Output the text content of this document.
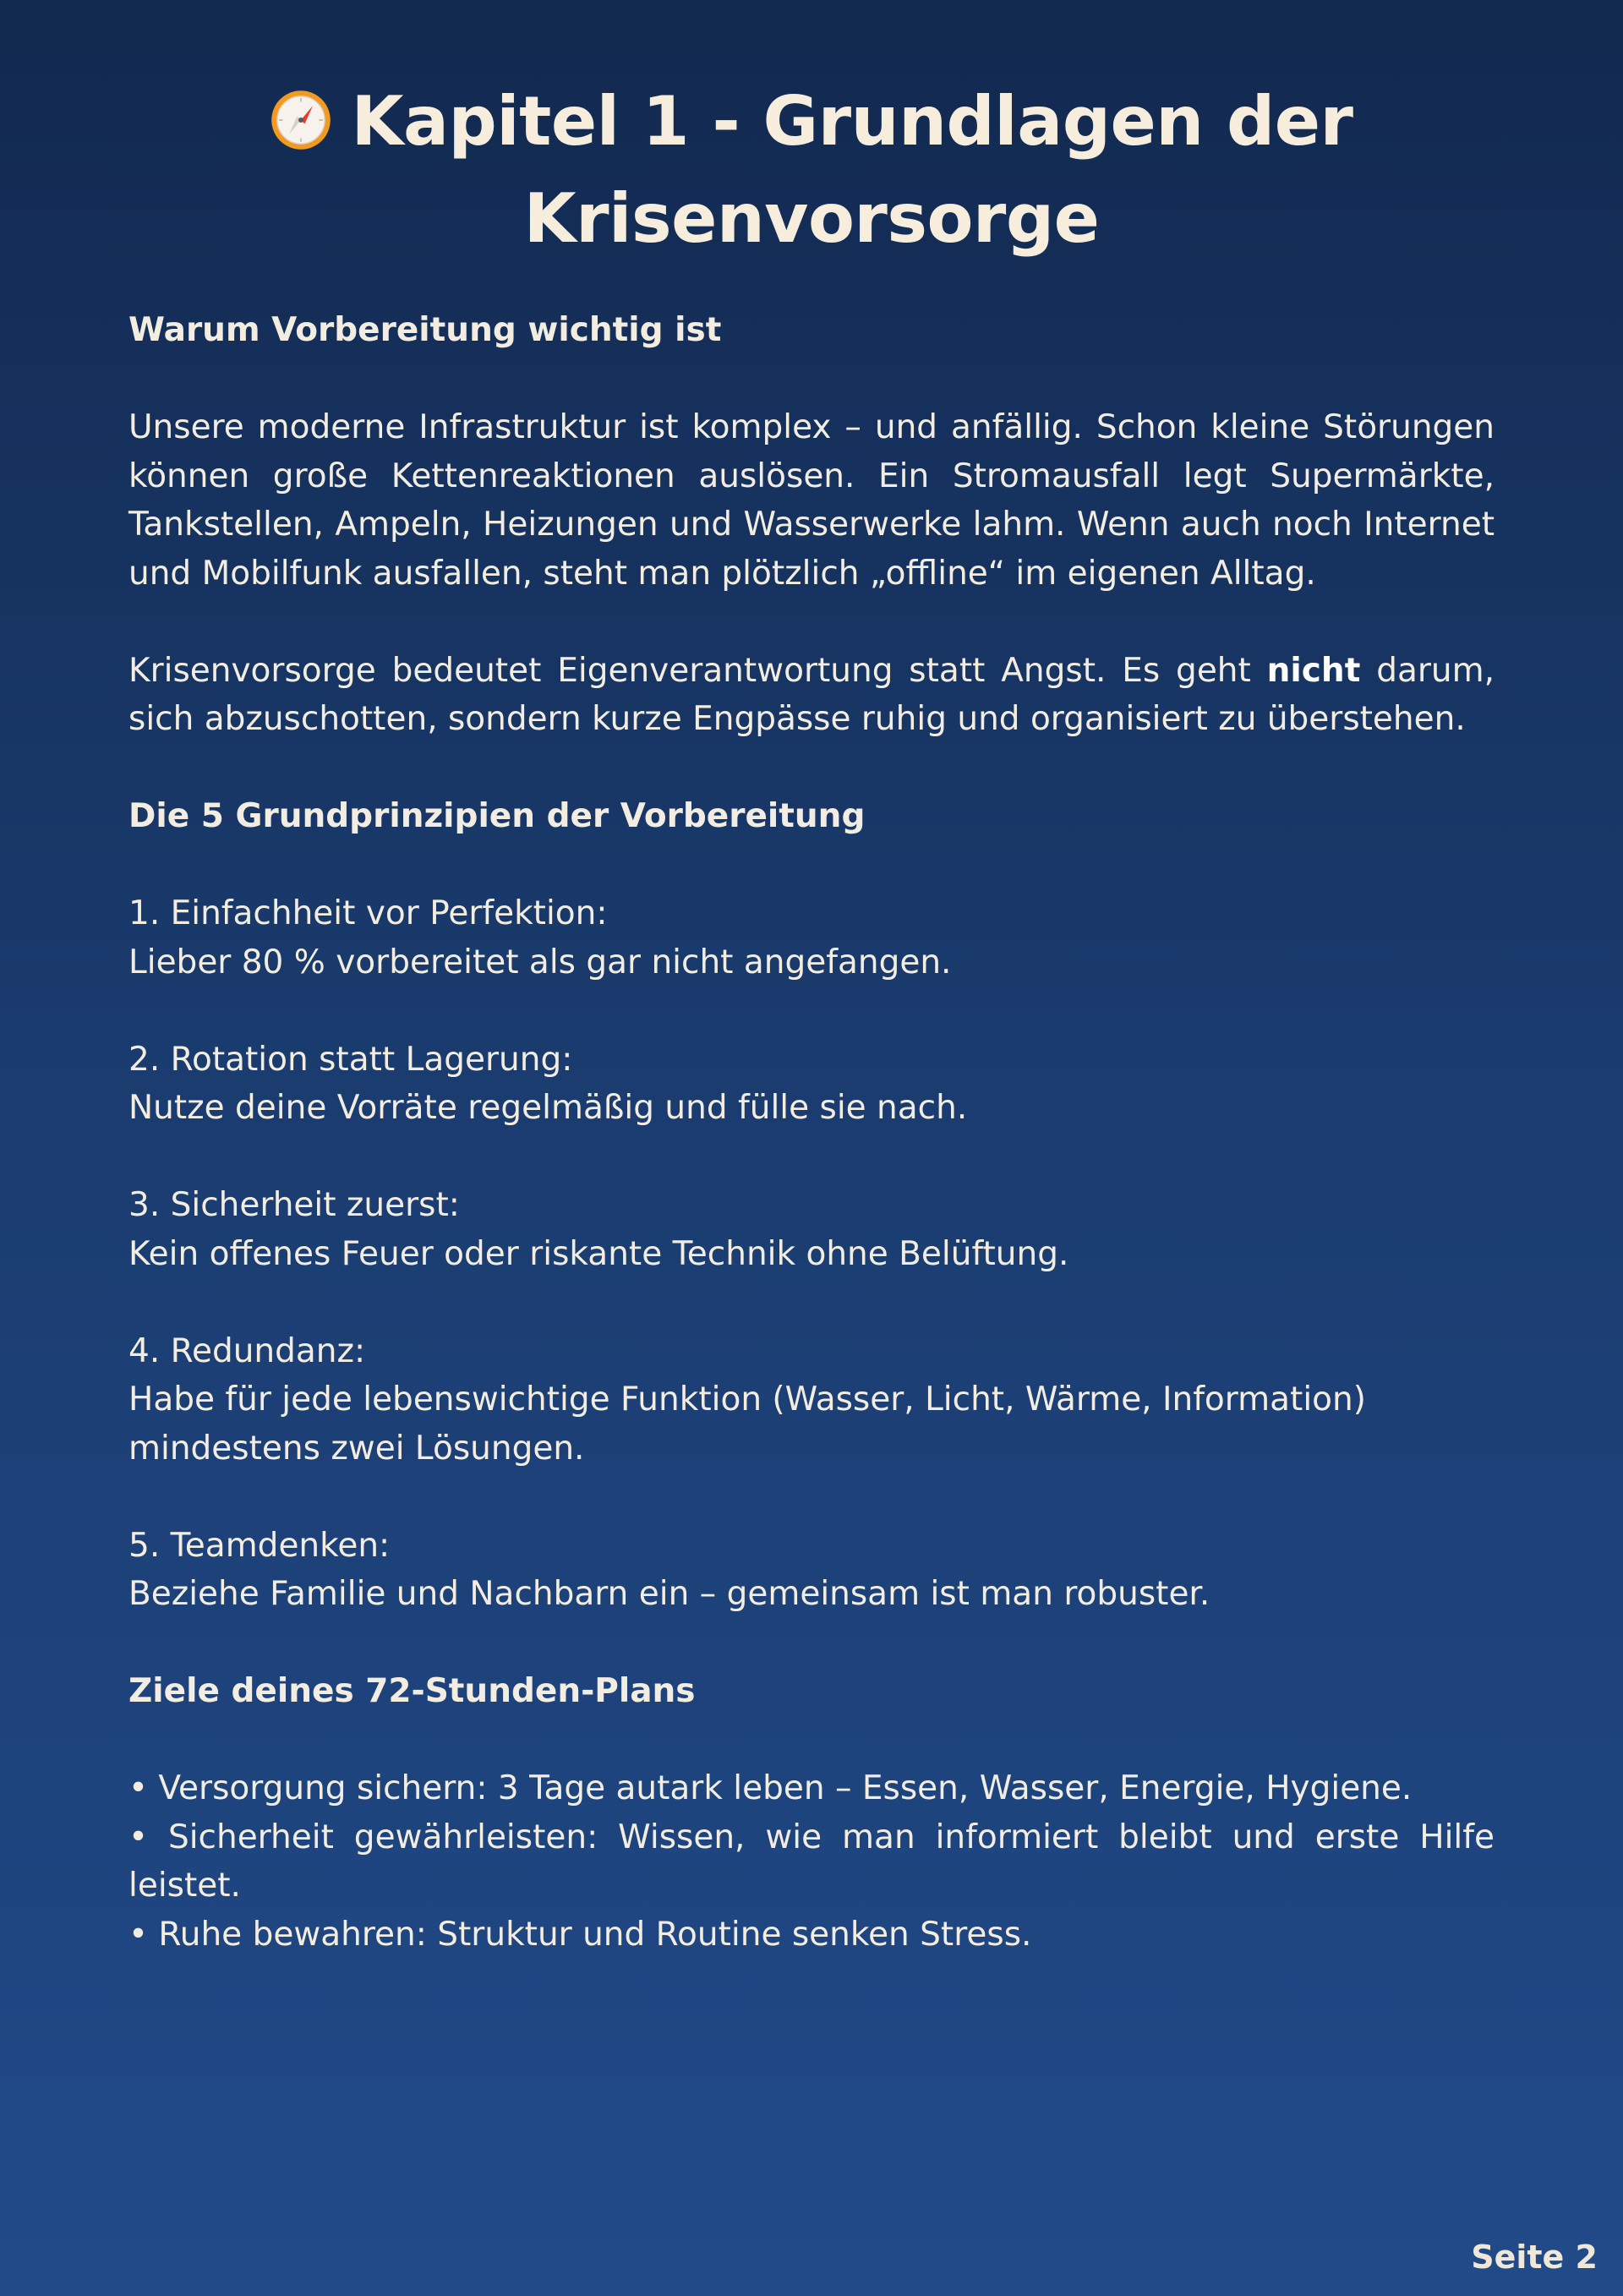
Kapitel 1 - Grundlagen der
Krisenvorsorge

Warum Vorbereitung wichtig ist

Unsere moderne Infrastruktur ist komplex – und anfällig. Schon kleine Störungen können große Kettenreaktionen auslösen. Ein Stromausfall legt Supermärkte, Tankstellen, Ampeln, Heizungen und Wasserwerke lahm. Wenn auch noch Internet und Mobilfunk ausfallen, steht man plötzlich „offline“ im eigenen Alltag.

Krisenvorsorge bedeutet Eigenverantwortung statt Angst. Es geht nicht darum, sich abzuschotten, sondern kurze Engpässe ruhig und organisiert zu überstehen.

Die 5 Grundprinzipien der Vorbereitung

1. Einfachheit vor Perfektion:

Lieber 80 % vorbereitet als gar nicht angefangen.

2. Rotation statt Lagerung:

Nutze deine Vorräte regelmäßig und fülle sie nach.

3. Sicherheit zuerst:

Kein offenes Feuer oder riskante Technik ohne Belüftung.

4. Redundanz:

Habe für jede lebenswichtige Funktion (Wasser, Licht, Wärme, Information) mindestens zwei Lösungen.

5. Teamdenken:

Beziehe Familie und Nachbarn ein – gemeinsam ist man robuster.

Ziele deines 72-Stunden-Plans

• Versorgung sichern: 3 Tage autark leben – Essen, Wasser, Energie, Hygiene.

• Sicherheit gewährleisten: Wissen, wie man informiert bleibt und erste Hilfe leistet.

• Ruhe bewahren: Struktur und Routine senken Stress.

Seite 2
